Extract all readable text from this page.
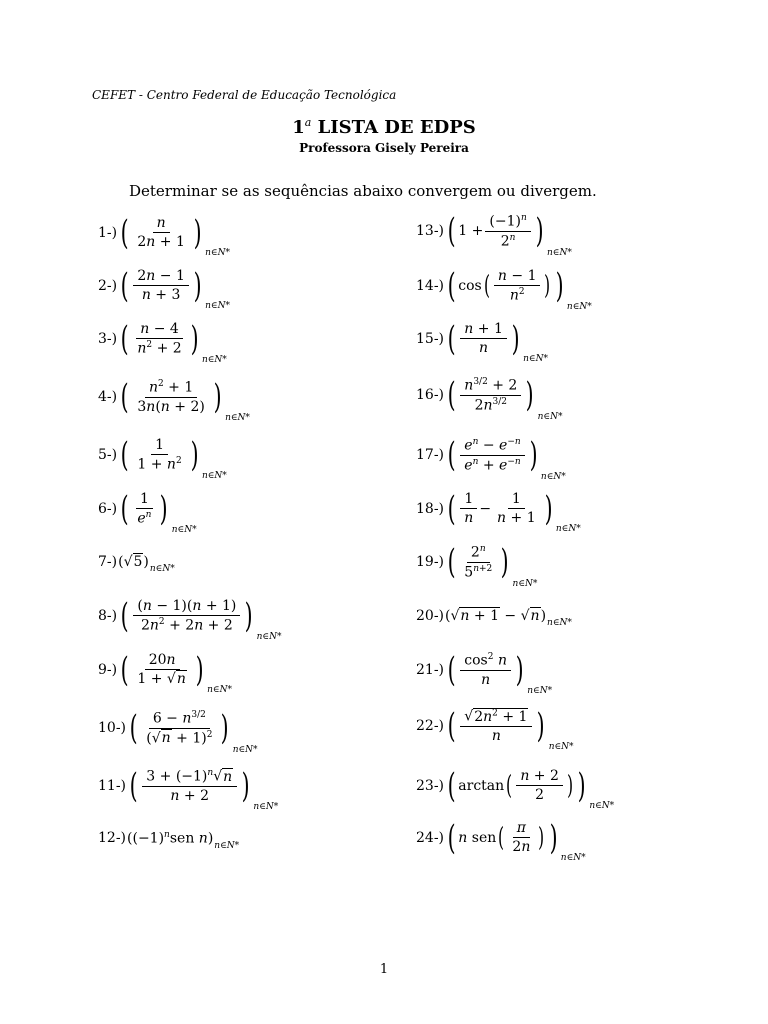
CEFET - Centro Federal de Educação Tecnológica
1$^a$ LISTA DE EDPS
Professora Gisely Pereira
Determinar se as sequências abaixo convergem ou divergem.
1-) ( $\frac{n}{2n + 1}$ )
n∈N*
2-) ( $\frac{2n - 1}{n + 3}$ )
n∈N*
3-) ( $\frac{n - 4}{n^2 + 2}$ )
n∈N*
4-) ( $\frac{n^2 + 1}{3n(n + 2)}$ )
n∈N*
5-) ( $\frac{1}{1 + n^2}$ )
n∈N*
6-) ( $\frac{1}{e^n}$ )
n∈N*
7-) (√5) n∈N*
8-) ( $\frac{(n - 1)(n + 1)}{2n^2 + 2n + 2}$ )
n∈N*
9-) ( $\frac{20n}{1 + √n}$ )
n∈N*
10-) ( $\frac{6 - n^{3/2}}{(√n + 1)^2}$ )
n∈N*
11-) ( $\frac{3 + (-1)^n√n}{n + 2}$ )
n∈N*
12-) ($(-1)^nsen$ n) n∈N*
13-) ( $1 + \frac{(-1)^n}{2^n}$ )
n∈N*
14-) ( cos ( $\frac{n - 1}{n^2}$ ) )
n∈N*
15-) ( $\frac{n + 1}{n}$ )
n∈N*
16-) ( $\frac{n^{3/2} + 2}{2n^{3/2}}$ )
n∈N*
17-) ( $\frac{e^n - e^{-n}}{e^n + e^{-n}}$ )
n∈N*
18-) ( $\frac{1}{n} - \frac{1}{n + 1}$ )
n∈N*
19-) ( $\frac{2^n}{5^{n+2}}$ )
n∈N*
20-) (√n + 1 − √n) n∈N*
21-) ( $\frac{\cos^2 n}{n}$ )
n∈N*
22-) ( $\frac{√2n^2 + 1}{n}$ )
n∈N*
23-) ( arctan ( $\frac{n + 2}{2}$ ) )
n∈N*
24-) ( n sen ( $\frac{\pi}{2n}$ ) )
n∈N*
1
